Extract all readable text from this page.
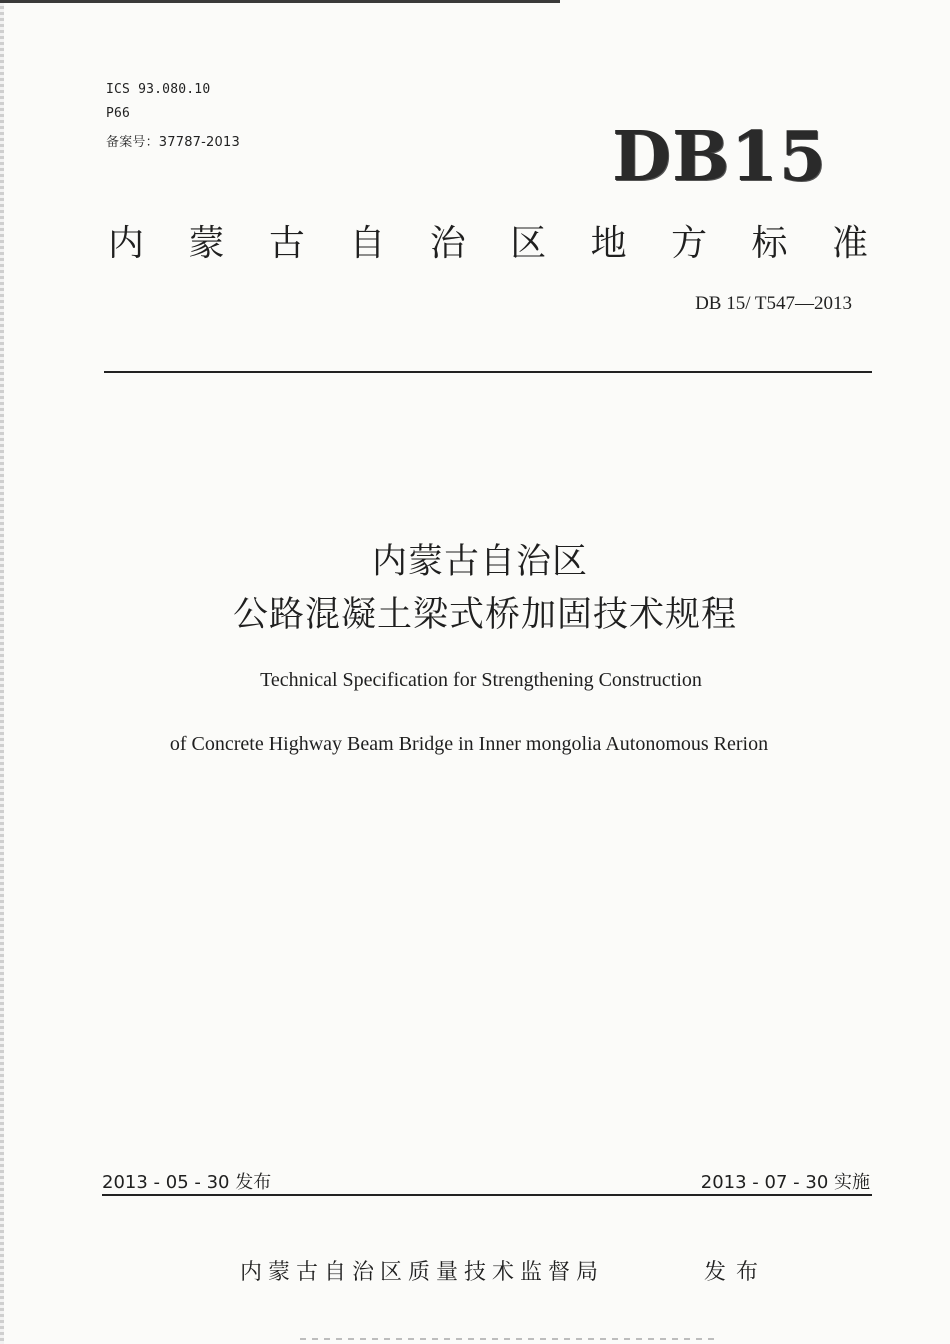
ICS 93.080.10
P66
备案号：37787-2013	DB15
内 蒙 古 自 治 区 地 方 标 准
DB 15/ T547—2013
内蒙古自治区
公路混凝土梁式桥加固技术规程
Technical Specification for Strengthening Construction
of Concrete Highway Beam Bridge in Inner mongolia Autonomous Rerion
2013 - 05 - 30 发布	2013 - 07 - 30 实施
内蒙古自治区质量技术监督局	发布
